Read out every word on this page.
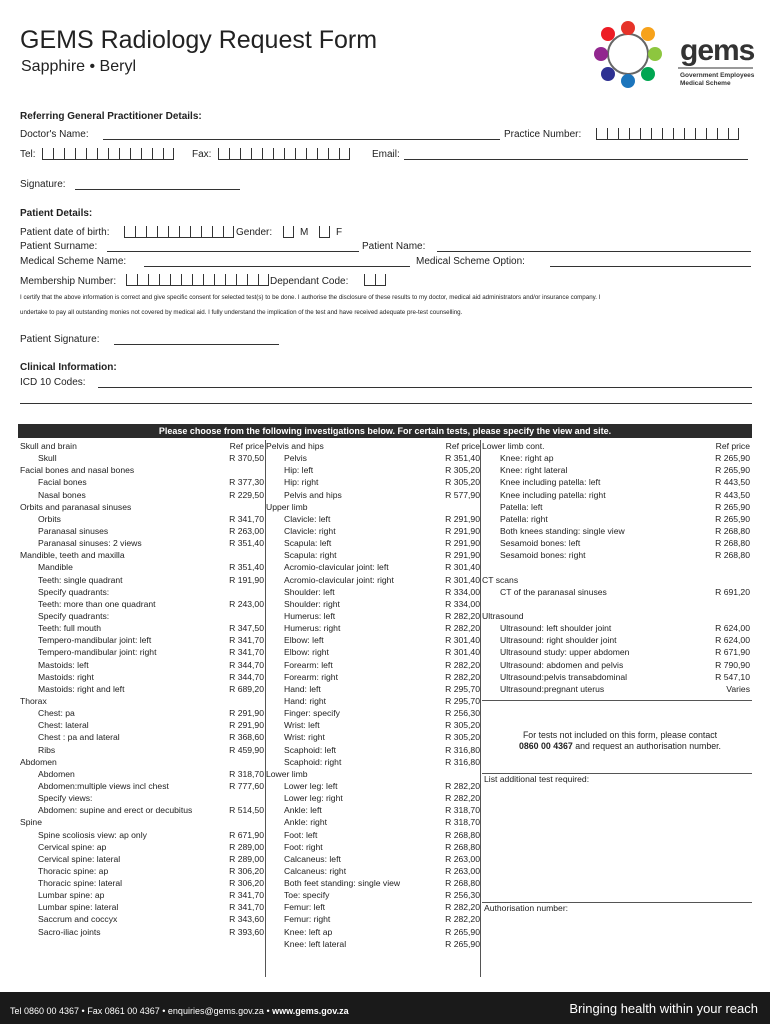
GEMS Radiology Request Form
Sapphire • Beryl	gems
Government Employees
Medical Scheme
Referring General Practitioner Details:
Doctor's Name:	Practice Number:
Tel:	Fax:	Email:
Signature:
Patient Details:
Patient date of birth:	Gender:	M	F
Patient Surname:	Patient Name:
Medical Scheme Name:	Medical Scheme Option:
Membership Number:	Dependant Code:
I certify that the above information is correct and give specific consent for selected test(s) to be done. I authorise the disclosure of these results to my doctor, medical aid administrators and/or insurance company. I
undertake to pay all outstanding monies not covered by medical aid. I fully understand the implication of the test and have received adequate pre-test counselling.
Patient Signature:
Clinical Information:
ICD 10 Codes:
Please choose from the following investigations below. For certain tests, please specify the view and site.
Skull and brain	Ref price
Skull	R 370,50
Facial bones and nasal bones
Facial bones	R 377,30
Nasal bones	R 229,50
Orbits and paranasal sinuses
Orbits	R 341,70
Paranasal sinuses	R 263,00
Paranasal sinuses: 2 views	R 351,40
Mandible, teeth and maxilla
Mandible	R 351,40
Teeth: single quadrant	R 191,90
Specify quadrants:
Teeth: more than one quadrant	R 243,00
Specify quadrants:
Teeth: full mouth	R 347,50
Tempero-mandibular joint: left	R 341,70
Tempero-mandibular joint: right	R 341,70
Mastoids: left	R 344,70
Mastoids: right	R 344,70
Mastoids: right and left	R 689,20
Thorax
Chest: pa	R 291,90
Chest: lateral	R 291,90
Chest : pa and lateral	R 368,60
Ribs	R 459,90
Abdomen
Abdomen	R 318,70
Abdomen:multiple views incl chest	R 777,60
Specify views:
Abdomen: supine and erect or decubitus	R 514,50
Spine
Spine scoliosis view: ap only	R 671,90
Cervical spine: ap	R 289,00
Cervical spine: lateral	R 289,00
Thoracic spine: ap	R 306,20
Thoracic spine: lateral	R 306,20
Lumbar spine: ap	R 341,70
Lumbar spine: lateral	R 341,70
Saccrum and coccyx	R 343,60
Sacro-iliac joints	R 393,60
Pelvis and hips	Ref price
Pelvis	R 351,40
Hip: left	R 305,20
Hip: right	R 305,20
Pelvis and hips	R 577,90
Upper limb
Clavicle: left	R 291,90
Clavicle: right	R 291,90
Scapula: left	R 291,90
Scapula: right	R 291,90
Acromio-clavicular joint: left	R 301,40
Acromio-clavicular joint: right	R 301,40
Shoulder: left	R 334,00
Shoulder: right	R 334,00
Humerus: left	R 282,20
Humerus: right	R 282,20
Elbow: left	R 301,40
Elbow: right	R 301,40
Forearm: left	R 282,20
Forearm: right	R 282,20
Hand: left	R 295,70
Hand: right	R 295,70
Finger: specify	R 256,30
Wrist: left	R 305,20
Wrist: right	R 305,20
Scaphoid: left	R 316,80
Scaphoid: right	R 316,80
Lower limb
Lower leg: left	R 282,20
Lower leg: right	R 282,20
Ankle: left	R 318,70
Ankle: right	R 318,70
Foot: left	R 268,80
Foot: right	R 268,80
Calcaneus: left	R 263,00
Calcaneus: right	R 263,00
Both feet standing: single view	R 268,80
Toe: specify	R 256,30
Femur: left	R 282,20
Femur: right	R 282,20
Knee: left ap	R 265,90
Knee: left lateral	R 265,90
Lower limb cont.	Ref price
Knee: right ap	R 265,90
Knee: right lateral	R 265,90
Knee including patella: left	R 443,50
Knee including patella: right	R 443,50
Patella: left	R 265,90
Patella: right	R 265,90
Both knees standing: single view	R 268,80
Sesamoid bones: left	R 268,80
Sesamoid bones: right	R 268,80
CT scans
CT of the paranasal sinuses	R 691,20
Ultrasound
Ultrasound: left shoulder joint	R 624,00
Ultrasound: right shoulder joint	R 624,00
Ultrasound study: upper abdomen	R 671,90
Ultrasound: abdomen and pelvis	R 790,90
Ultrasound:pelvis transabdominal	R 547,10
Ultrasound:pregnant uterus	Varies
For tests not included on this form, please contact
0860 00 4367 and request an authorisation number.
List additional test required:
Authorisation number:
Tel 0860 00 4367 • Fax 0861 00 4367 • enquiries@gems.gov.za • www.gems.gov.za	Bringing health within your reach
